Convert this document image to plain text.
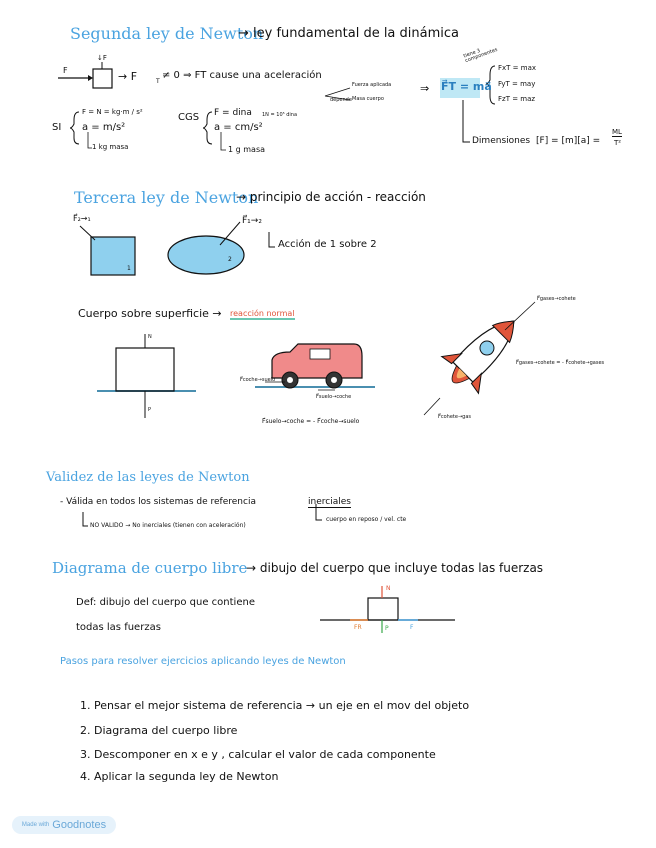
Segunda ley de Newton
→ ley fundamental de la dinámica
F
↓F
→ F	T
≠ 0 ⇒ FT cause una aceleración
Fuerza aplicada
Masa cuerpo
depende
⇒ F⃗T = ma⃗
tiene 3 componentes
FxT = max
FyT = may
FzT = maz
SI
F = N = kg·m / s²
a = m/s²
1 kg masa
CGS F = dina 1N = 10⁵ dina
a = cm/s²
1 g masa
Dimensiones [F] = [m][a] =
ML
T²
Tercera ley de Newton
→ principio de acción - reacción
F⃗₂→₁
1
2
F⃗₁→₂
Acción de 1 sobre 2
Cuerpo sobre superficie → reacción normal
N
P
F⃗coche→suelo
F⃗suelo→coche
F⃗suelo→coche = - F⃗coche→suelo
F⃗gases→cohete
F⃗gases→cohete = - F⃗cohete→gases
F⃗cohete→gas
Validez de las leyes de Newton
- Válida en todos los sistemas de referencia	inerciales
NO VALIDO → No inerciales (tienen con aceleración)
cuerpo en reposo / vel. cte
Diagrama de cuerpo libre
→ dibujo del cuerpo que incluye todas las fuerzas
Def: dibujo del cuerpo que contiene
todas las fuerzas
N
FR	P	F
Pasos para resolver ejercicios aplicando leyes de Newton
1. Pensar el mejor sistema de referencia → un eje en el mov del objeto
2. Diagrama del cuerpo libre
3. Descomponer en x e y , calcular el valor de cada componente
4. Aplicar la segunda ley de Newton
Made with Goodnotes
